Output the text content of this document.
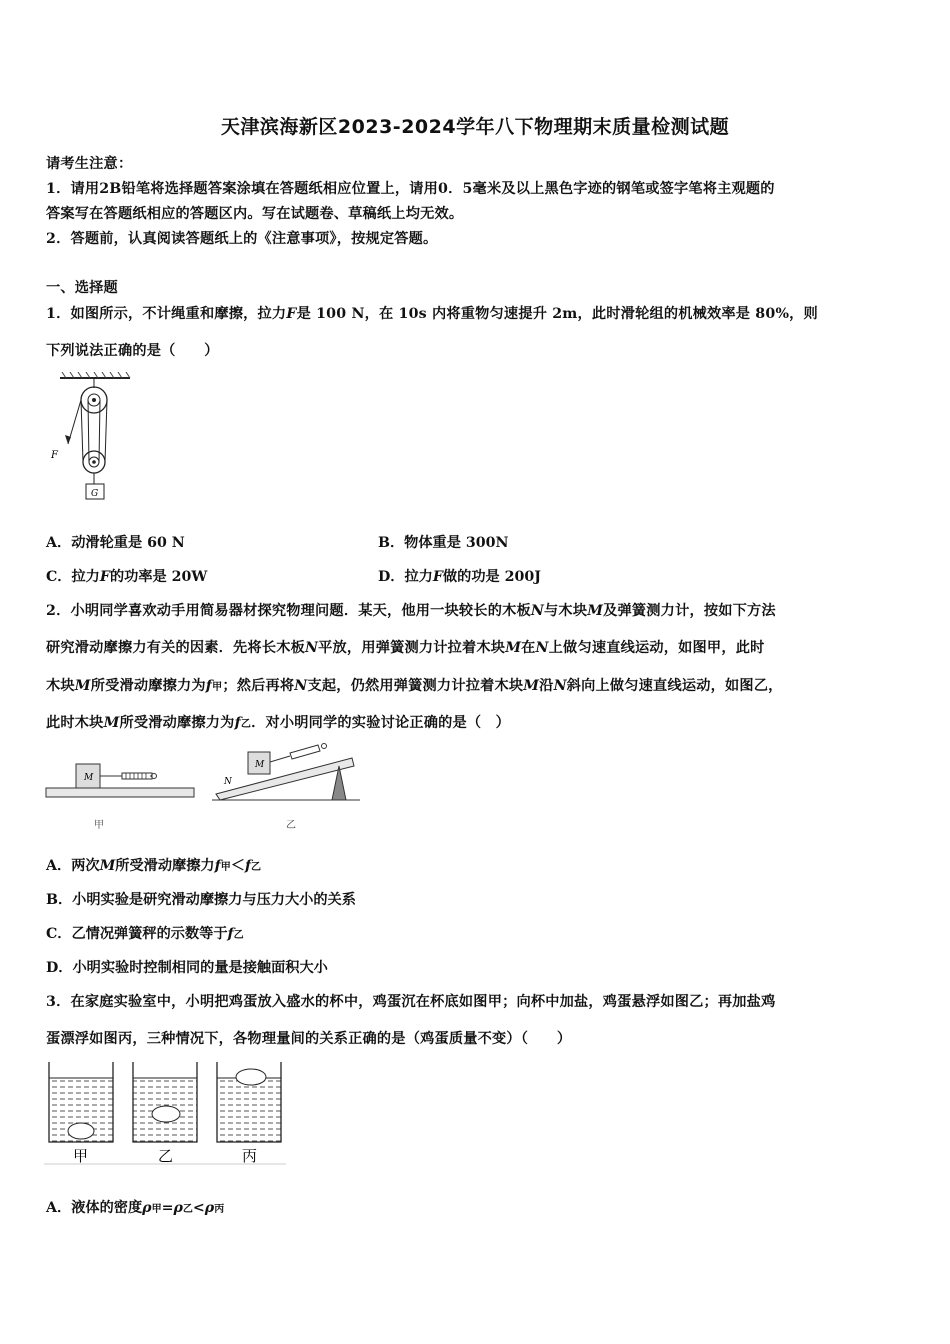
天津滨海新区2023-2024学年八下物理期末质量检测试题
请考生注意：
1．请用2B铅笔将选择题答案涂填在答题纸相应位置上，请用0．5毫米及以上黑色字迹的钢笔或签字笔将主观题的
答案写在答题纸相应的答题区内。写在试题卷、草稿纸上均无效。
2．答题前，认真阅读答题纸上的《注意事项》，按规定答题。
一、选择题
1．如图所示，不计绳重和摩擦，拉力F是 100 N，在 10s 内将重物匀速提升 2m，此时滑轮组的机械效率是 80%，则
下列说法正确的是（　　）
F
G
A．动滑轮重是 60 N	B．物体重是 300N
C．拉力F的功率是 20W	D．拉力F做的功是 200J
2．小明同学喜欢动手用简易器材探究物理问题．某天，他用一块较长的木板N与木块M及弹簧测力计，按如下方法
研究滑动摩擦力有关的因素．先将长木板N平放，用弹簧测力计拉着木块M在N上做匀速直线运动，如图甲，此时
木块M所受滑动摩擦力为f甲；然后再将N支起，仍然用弹簧测力计拉着木块M沿N斜向上做匀速直线运动，如图乙，
此时木块M所受滑动摩擦力为f乙．对小明同学的实验讨论正确的是（　）
M
甲
N
M
乙
A．两次M所受滑动摩擦力f甲＜f乙
B．小明实验是研究滑动摩擦力与压力大小的关系
C．乙情况弹簧秤的示数等于f乙
D．小明实验时控制相同的量是接触面积大小
3．在家庭实验室中，小明把鸡蛋放入盛水的杯中，鸡蛋沉在杯底如图甲；向杯中加盐，鸡蛋悬浮如图乙；再加盐鸡
蛋漂浮如图丙，三种情况下，各物理量间的关系正确的是（鸡蛋质量不变）（　　）
甲	乙	丙
A．液体的密度ρ甲=ρ乙<ρ丙
